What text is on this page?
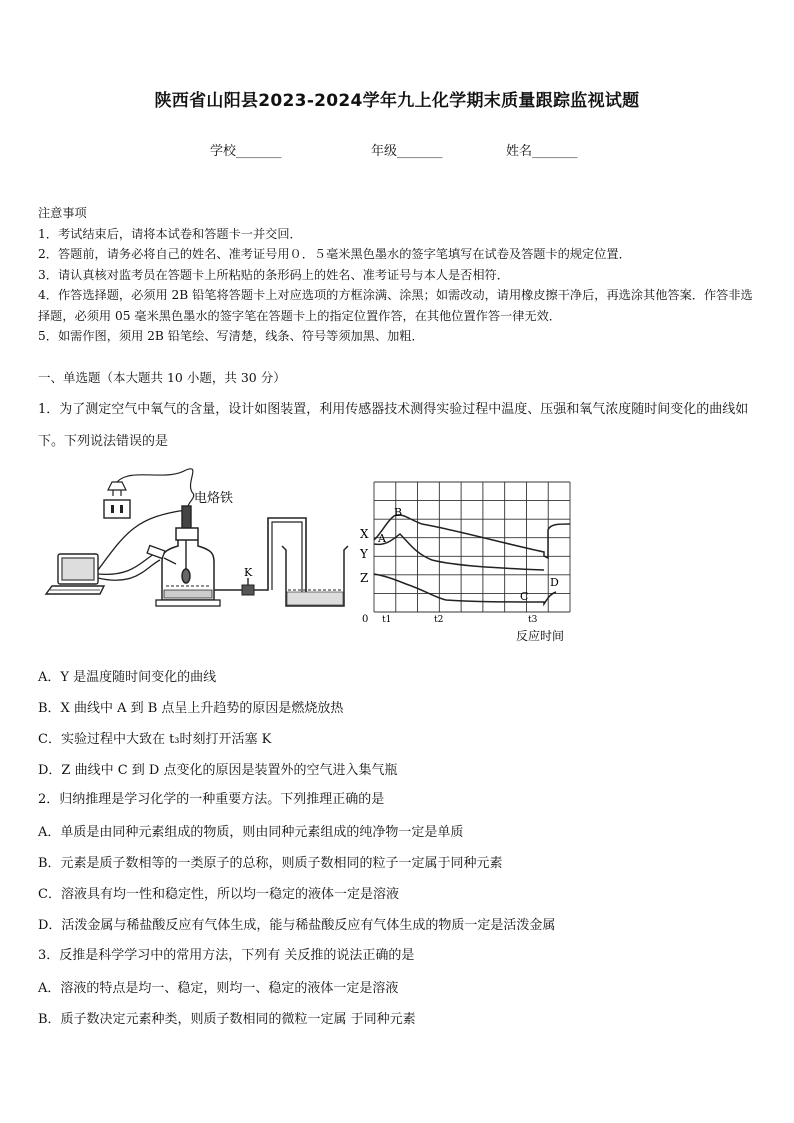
陕西省山阳县2023-2024学年九上化学期末质量跟踪监视试题
学校_______	年级_______	姓名_______
注意事项
1．考试结束后，请将本试卷和答题卡一并交回．
2．答题前，请务必将自己的姓名、准考证号用０．５毫米黑色墨水的签字笔填写在试卷及答题卡的规定位置．
3．请认真核对监考员在答题卡上所粘贴的条形码上的姓名、准考证号与本人是否相符．
4．作答选择题，必须用 2B 铅笔将答题卡上对应选项的方框涂满、涂黑；如需改动，请用橡皮擦干净后，再选涂其他答案．作答非选择题，必须用 05 毫米黑色墨水的签字笔在答题卡上的指定位置作答，在其他位置作答一律无效．
5．如需作图，须用 2B 铅笔绘、写清楚，线条、符号等须加黑、加粗．
一、单选题（本大题共 10 小题，共 30 分）
1．为了测定空气中氧气的含量，设计如图装置，利用传感器技术测得实验过程中温度、压强和氧气浓度随时间变化的曲线如下。下列说法错误的是
电烙铁
K
X
Y
Z
A
B
C
D
0 t1	t2	t3
反应时间
A．Y 是温度随时间变化的曲线
B．X 曲线中 A 到 B 点呈上升趋势的原因是燃烧放热
C．实验过程中大致在 t₃时刻打开活塞 K
D．Z 曲线中 C 到 D 点变化的原因是装置外的空气进入集气瓶
2．归纳推理是学习化学的一种重要方法。下列推理正确的是
A．单质是由同种元素组成的物质，则由同种元素组成的纯净物一定是单质
B．元素是质子数相等的一类原子的总称，则质子数相同的粒子一定属于同种元素
C．溶液具有均一性和稳定性，所以均一稳定的液体一定是溶液
D．活泼金属与稀盐酸反应有气体生成，能与稀盐酸反应有气体生成的物质一定是活泼金属
3．反推是科学学习中的常用方法，下列有 关反推的说法正确的是
A．溶液的特点是均一、稳定，则均一、稳定的液体一定是溶液
B．质子数决定元素种类，则质子数相同的微粒一定属 于同种元素
